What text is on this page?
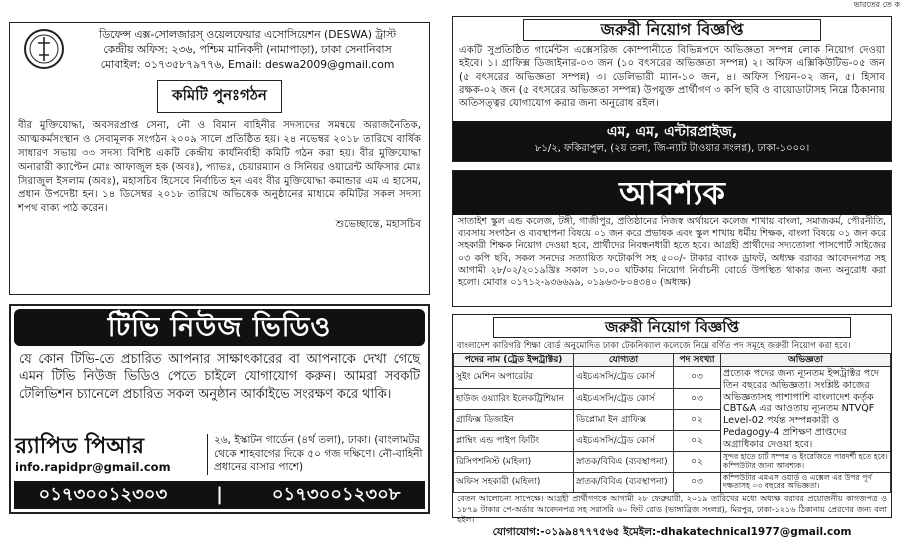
ভারতের তে ক
ডিফেন্স এক্স-সোলজারস্‌ ওয়েলফেয়ার এসোসিয়েশন (DESWA) ট্রাস্ট
কেন্দ্রীয় অফিস: ২৩৬, পশ্চিম মানিকদী (নামাপাড়া), ঢাকা সেনানিবাস
মোবাইল: ০১৭৩৫৮৭৯৭৭৬, Email: deswa2009@gmail.com
কমিটি পুনঃগঠন

বীর মুক্তিযোদ্ধা, অবসরপ্রাপ্ত সেনা, নৌ ও বিমান বাহিনীর সদস্যদের সমন্বয়ে অরাজনৈতিক, আত্মকর্মসংস্থান ও সেবামূলক সংগঠন ২০০৯ সালে প্রতিষ্ঠিত হয়। ২৪ নভেম্বর ২০১৮ তারিখে বার্ষিক সাধারণ সভায় ৩৩ সদস্য বিশিষ্ট একটি কেন্দ্রীয় কার্যনির্বাহী কমিটি গঠন করা হয়। বীর মুক্তিযোদ্ধা অনারারী ক্যাপ্টেন মোঃ আফাজুল হক (অবঃ), প্যাভঃ, চেয়ারম্যান ও সিনিয়র ওয়ারেন্ট অফিসার মোঃ সিরাজুল ইসলাম (অবঃ), মহাসচিব হিসেবে নির্বাচিত হন এবং বীর মুক্তিযোদ্ধা কমান্ডার এম এ হাসেম, প্রধান উপদেষ্টা হন। ১৪ ডিসেম্বর ২০১৮ তারিখে অভিষেক অনুষ্ঠানের মাধ্যমে কমিটির সকল সদস্য শপথ বাক্য পাঠ করেন।

শুভেচ্ছান্তে, মহাসচিব
টিভি নিউজ ভিডিও

যে কোন টিভি-তে প্রচারিত আপনার সাক্ষাৎকারের বা আপনাকে দেখা গেছে এমন টিভি নিউজ ভিডিও পেতে চাইলে যোগাযোগ করুন। আমরা সবকটি টেলিভিশন চ্যানেলে প্রচারিত সকল অনুষ্ঠান আর্কাইভে সংরক্ষণ করে থাকি।

র‍্যাপিড পিআর
info.rapidpr@gmail.com
২৬, ইস্কাটন গার্ডেন (৪র্থ তলা), ঢাকা। (বাংলামটর থেকে শাহবাগের দিকে ৫০ গজ দক্ষিণে। নৌ-বাহিনী প্রধানের বাসার পাশে)
০১৭৩০০১২৩০৩	|	০১৭৩০০১২৩০৮
জরুরী নিয়োগ বিজ্ঞপ্তি

একটি সুপ্রতিষ্ঠিত গার্মেন্টস এক্সেসরিজ কোম্পানীতে বিভিন্নপদে অভিজ্ঞতা সম্পন্ন লোক নিয়োগ দেওয়া হইবে। ১। গ্রাফিক্স ডিজাইনার-০৩ জন (১০ বৎসরের অভিজ্ঞতা সম্পন্ন) ২। অফিস এক্সিকিউটিভ-০৫ জন (৫ বৎসরের অভিজ্ঞতা সম্পন্ন) ৩। ডেলিভারী ম্যান-১০ জন, ৪। অফিস পিয়ন-০২ জন, ৫। হিসাব রক্ষক-০২ জন (৫ বৎসরের অভিজ্ঞতা সম্পন্ন) উপযুক্ত প্রার্থীগণ ৩ কপি ছবি ও বায়োডাটাসহ নিম্নে ঠিকানায় অতিসত্ত্বর যোগাযোগ করার জন্য অনুরোধ রইল।

এম, এম, এন্টারপ্রাইজ,
৮১/২, ফকিরাপুল, (২য় তলা, জি-ন্যাট টাওয়ার সংলগ্ন), ঢাকা-১০০০।
আবশ্যক

সাতাইশ স্কুল এন্ড কলেজ, টঙ্গী, গাজীপুর, প্রতিষ্ঠানের নিজস্ব অর্থায়নে কলেজ শাখায় বাংলা, সমাজকর্ম, পৌরনীতি, ব্যবসায় সংগঠন ও ব্যবস্থাপনা বিষয়ে ০১ জন করে প্রভাষক এবং স্কুল শাখায় ধর্মীয় শিক্ষক, বাংলা বিষয়ে ০১ জন করে সহকারী শিক্ষক নিয়োগ দেওয়া হবে, প্রার্থীদের নিবন্ধনধারী হতে হবে। আগ্রহী প্রার্থীদের সদ্যতোলা পাসপোর্ট সাইজের ০৩ কপি ছবি, সকল সনদের সত্যায়িত ফটোকপি সহ ৫০০/- টাকার ব্যাংক ড্রাফট, অধ্যক্ষ বরাবর আবেদনপত্র সহ আগামী ২৮/০২/২০১৯খ্রিঃ সকাল ১০.০০ ঘটিকায় নিয়োগ নির্বাচনী বোর্ডে উপস্থিত থাকার জন্য অনুরোধ করা হলো। মোবাঃ ০১৭১২-৯৩৬৬৯৯, ০১৯৬৩-৮০৪৩৪০ (অধ্যক্ষ)

জরুরী নিয়োগ বিজ্ঞপ্তি
বাংলাদেশ কারিগরি শিক্ষা বোর্ড অনুমোদিত ঢাকা টেকনিক্যাল কলেজে নিম্নে বর্ণিত পদ সমূহে জরুরী নিয়োগ করা হবে।
পদের নাম (ট্রেড ইন্সট্রাক্টর)	যোগ্যতা	পদ সংখ্যা	অভিজ্ঞতা
সুইং মেশিন অপারেটর	এইচএসসি/ট্রেড কোর্স	০৩	প্রত্যেক পদের জন্য ন্যূনতম ইন্সট্রাক্টর পদে তিন বছরের অভিজ্ঞতা। সংশ্লিষ্ট কাজের অভিজ্ঞতাসহ পাশাপাশি বাংলাদেশ কর্তৃক CBT&A এর আওতায় ন্যূনতম NTVQF Level-02 পর্যন্ত সম্পন্নকারী ও Pedagogy-4 প্রশিক্ষণ প্রাপ্তদের অগ্রাধিকার দেওয়া হবে।
হাউজ ওয়্যারিং ইলেকট্রিশিয়ান	এইচএসসি/ট্রেড কোর্স	০৩	
গ্রাফিক্স ডিজাইন	ডিপ্লোমা ইন গ্রাফিক্স	০২	
প্লাম্বিং এন্ড পাইপ ফিটিং	এইচএসসি/ট্রেড কোর্স	০২	
রিসিপশনিস্ট (মহিলা)	স্নাতক/বিবিএ (ব্যবস্থাপনা)	০২	সুন্দর হাতে চার্ট সম্পন্ন ও ইংরেজিতে পারদর্শী হতে হবে। কম্পিউটার জানা আবশ্যক।
অফিস সহকারী (মহিলা)	স্নাতক/বিবিএ (ব্যবস্থাপনা)	০৩	কম্পিউটার এমএস ওয়ার্ড ও এক্সেল এর উপর পূর্ণ দক্ষতাসহ ০৩ বছরের অভিজ্ঞতা।
বেতন আলোচনা সাপেক্ষে। আগ্রহী প্রার্থীগণকে আগামী ২৮ ফেব্রুয়ারী, ২০১৯ তারিখের মধ্যে অধ্যক্ষ বরাবর প্রয়োজনীয় কাগজপত্র ও ১৮৭৯ টাকার পে-অর্ডার আবেদনপত্র সহ সরাসরি ৬০ ফিট রোড (ভাঙ্গাব্রিজ সংলগ্ন), মিরপুর, ঢাকা-১২১৬ ঠিকানায় প্রেরণের জন্য বলা হইল।
যোগাযোগ:-০১৯৯৪৭৭৭৫৬৫ ইমেইল:-dhakatechnical1977@gmail.com
